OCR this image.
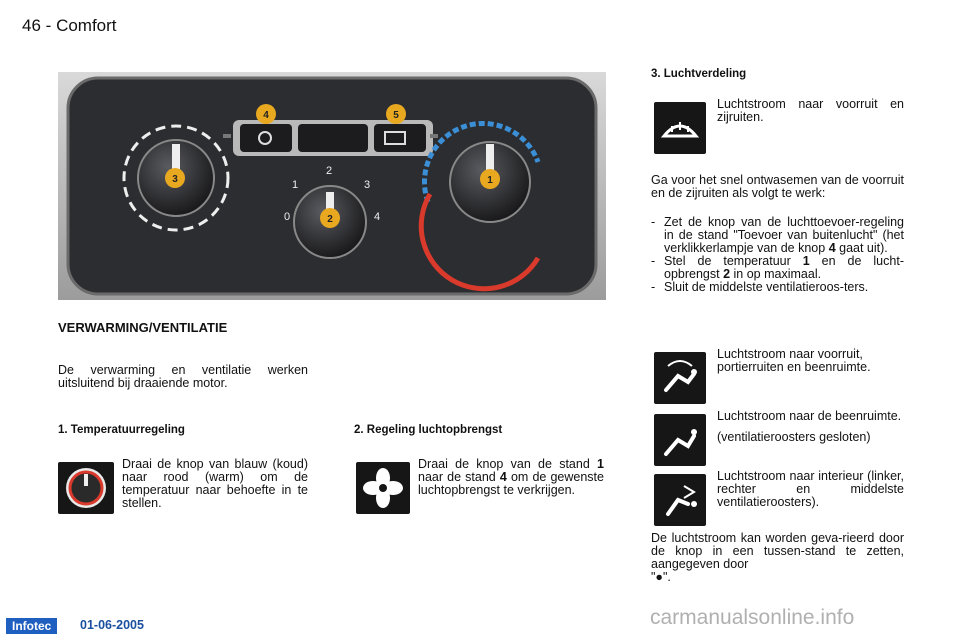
46 - Comfort
0
1
2
3
4
4	5
3
2
1
VERWARMING/VENTILATIE
De verwarming en ventilatie werken uitsluitend bij draaiende motor.
1. Temperatuurregeling
Draai de knop van blauw (koud) naar rood (warm) om de temperatuur naar behoefte in te stellen.
2. Regeling luchtopbrengst
Draai de knop van de stand 1 naar de stand 4 om de gewenste luchtopbrengst te verkrijgen.
3. Luchtverdeling
Luchtstroom naar voorruit en zijruiten.
Ga voor het snel ontwasemen van de voorruit en de zijruiten als volgt te werk:
- Zet de knop van de luchttoevoer-regeling in de stand "Toevoer van buitenlucht" (het verklikkerlampje van de knop 4 gaat uit).
- Stel de temperatuur 1 en de lucht-opbrengst 2 in op maximaal.
- Sluit de middelste ventilatieroos-ters.
Luchtstroom naar voorruit, portierruiten en beenruimte.
Luchtstroom naar de beenruimte.
(ventilatieroosters gesloten)
Luchtstroom naar interieur (linker, rechter en middelste ventilatieroosters).
De luchtstroom kan worden geva-rieerd door de knop in een tussen-stand te zetten, aangegeven door
"●".
Infotec	01-06-2005	carmanualsonline.info
